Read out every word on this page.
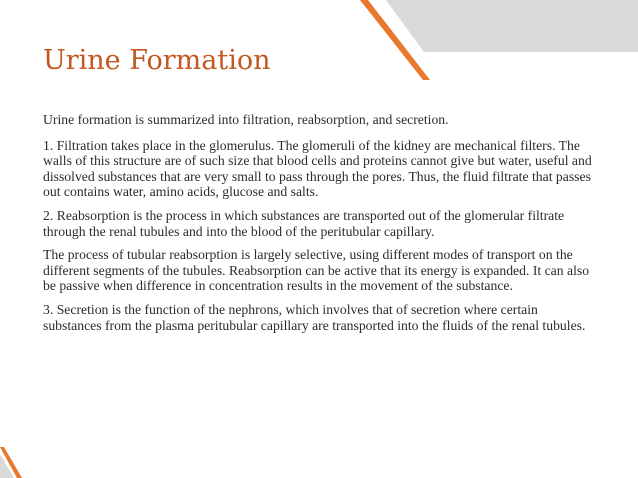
Urine Formation

Urine formation is summarized into filtration, reabsorption, and secretion.

1. Filtration takes place in the glomerulus. The glomeruli of the kidney are mechanical filters. The walls of this structure are of such size that blood cells and proteins cannot give but water, useful and dissolved substances that are very small to pass through the pores. Thus, the fluid filtrate that passes out contains water, amino acids, glucose and salts.

2. Reabsorption is the process in which substances are transported out of the glomerular filtrate through the renal tubules and into the blood of the peritubular capillary.

The process of tubular reabsorption is largely selective, using different modes of transport on the different segments of the tubules. Reabsorption can be active that its energy is expanded. It can also be passive when difference in concentration results in the movement of the substance.

3. Secretion is the function of the nephrons, which involves that of secretion where certain substances from the plasma peritubular capillary are transported into the fluids of the renal tubules.
